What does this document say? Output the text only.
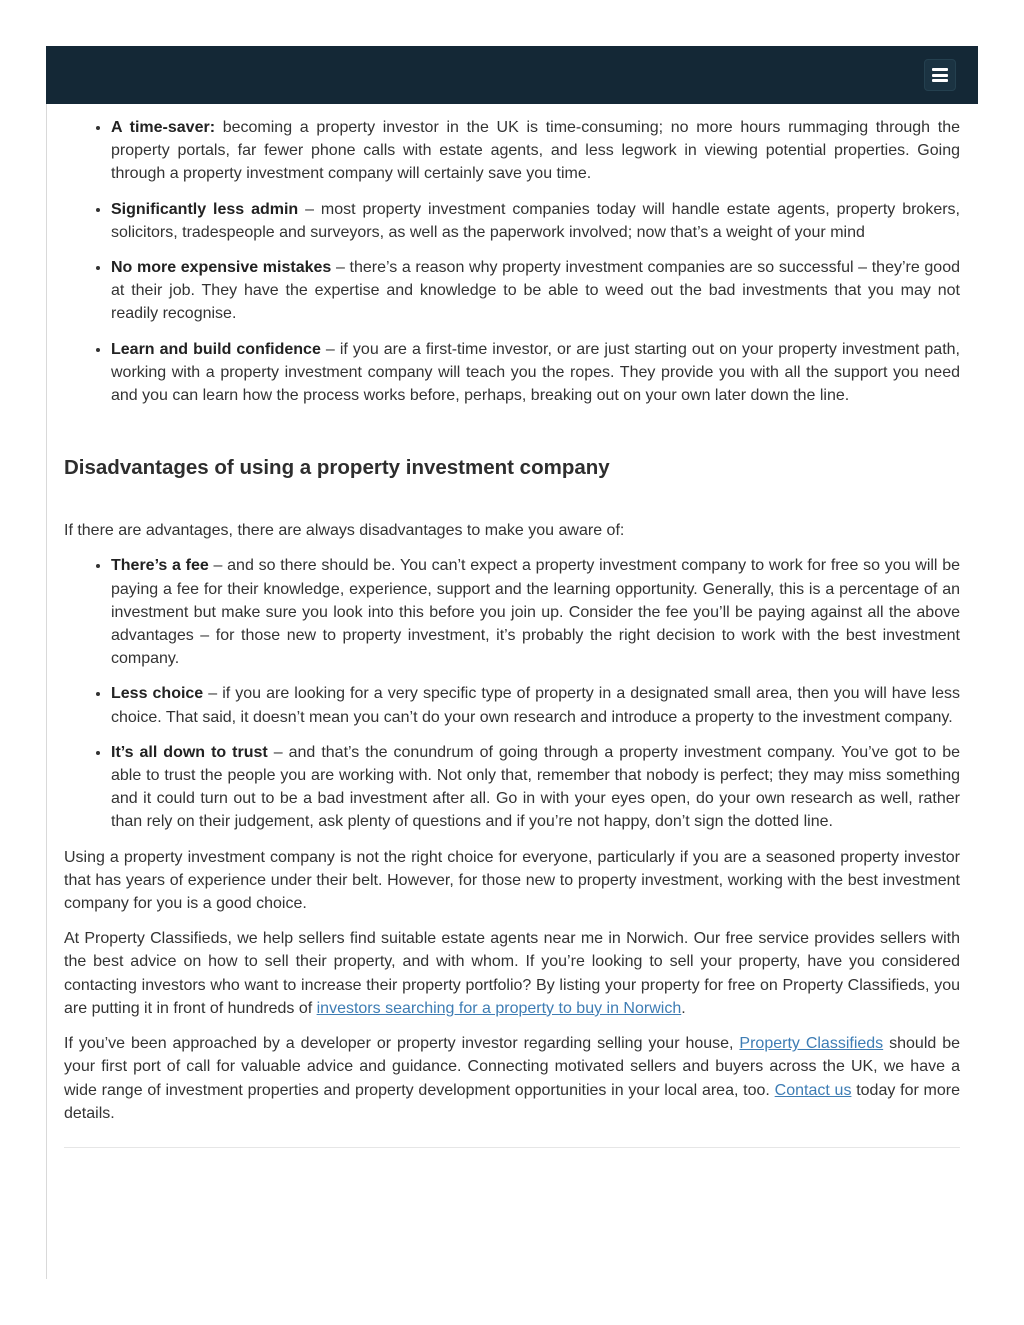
• A time-saver: becoming a property investor in the UK is time-consuming; no more hours rummaging through the property portals, far fewer phone calls with estate agents, and less legwork in viewing potential properties. Going through a property investment company will certainly save you time.
• Significantly less admin – most property investment companies today will handle estate agents, property brokers, solicitors, tradespeople and surveyors, as well as the paperwork involved; now that’s a weight of your mind
• No more expensive mistakes – there’s a reason why property investment companies are so successful – they’re good at their job. They have the expertise and knowledge to be able to weed out the bad investments that you may not readily recognise.
• Learn and build confidence – if you are a first-time investor, or are just starting out on your property investment path, working with a property investment company will teach you the ropes. They provide you with all the support you need and you can learn how the process works before, perhaps, breaking out on your own later down the line.
Disadvantages of using a property investment company

If there are advantages, there are always disadvantages to make you aware of:

• There’s a fee – and so there should be. You can’t expect a property investment company to work for free so you will be paying a fee for their knowledge, experience, support and the learning opportunity. Generally, this is a percentage of an investment but make sure you look into this before you join up. Consider the fee you’ll be paying against all the above advantages – for those new to property investment, it’s probably the right decision to work with the best investment company.
• Less choice – if you are looking for a very specific type of property in a designated small area, then you will have less choice. That said, it doesn’t mean you can’t do your own research and introduce a property to the investment company.
• It’s all down to trust – and that’s the conundrum of going through a property investment company. You’ve got to be able to trust the people you are working with. Not only that, remember that nobody is perfect; they may miss something and it could turn out to be a bad investment after all. Go in with your eyes open, do your own research as well, rather than rely on their judgement, ask plenty of questions and if you’re not happy, don’t sign the dotted line.

Using a property investment company is not the right choice for everyone, particularly if you are a seasoned property investor that has years of experience under their belt. However, for those new to property investment, working with the best investment company for you is a good choice.

At Property Classifieds, we help sellers find suitable estate agents near me in Norwich. Our free service provides sellers with the best advice on how to sell their property, and with whom. If you’re looking to sell your property, have you considered contacting investors who want to increase their property portfolio? By listing your property for free on Property Classifieds, you are putting it in front of hundreds of investors searching for a property to buy in Norwich.

If you’ve been approached by a developer or property investor regarding selling your house, Property Classifieds should be your first port of call for valuable advice and guidance. Connecting motivated sellers and buyers across the UK, we have a wide range of investment properties and property development opportunities in your local area, too. Contact us today for more details.
